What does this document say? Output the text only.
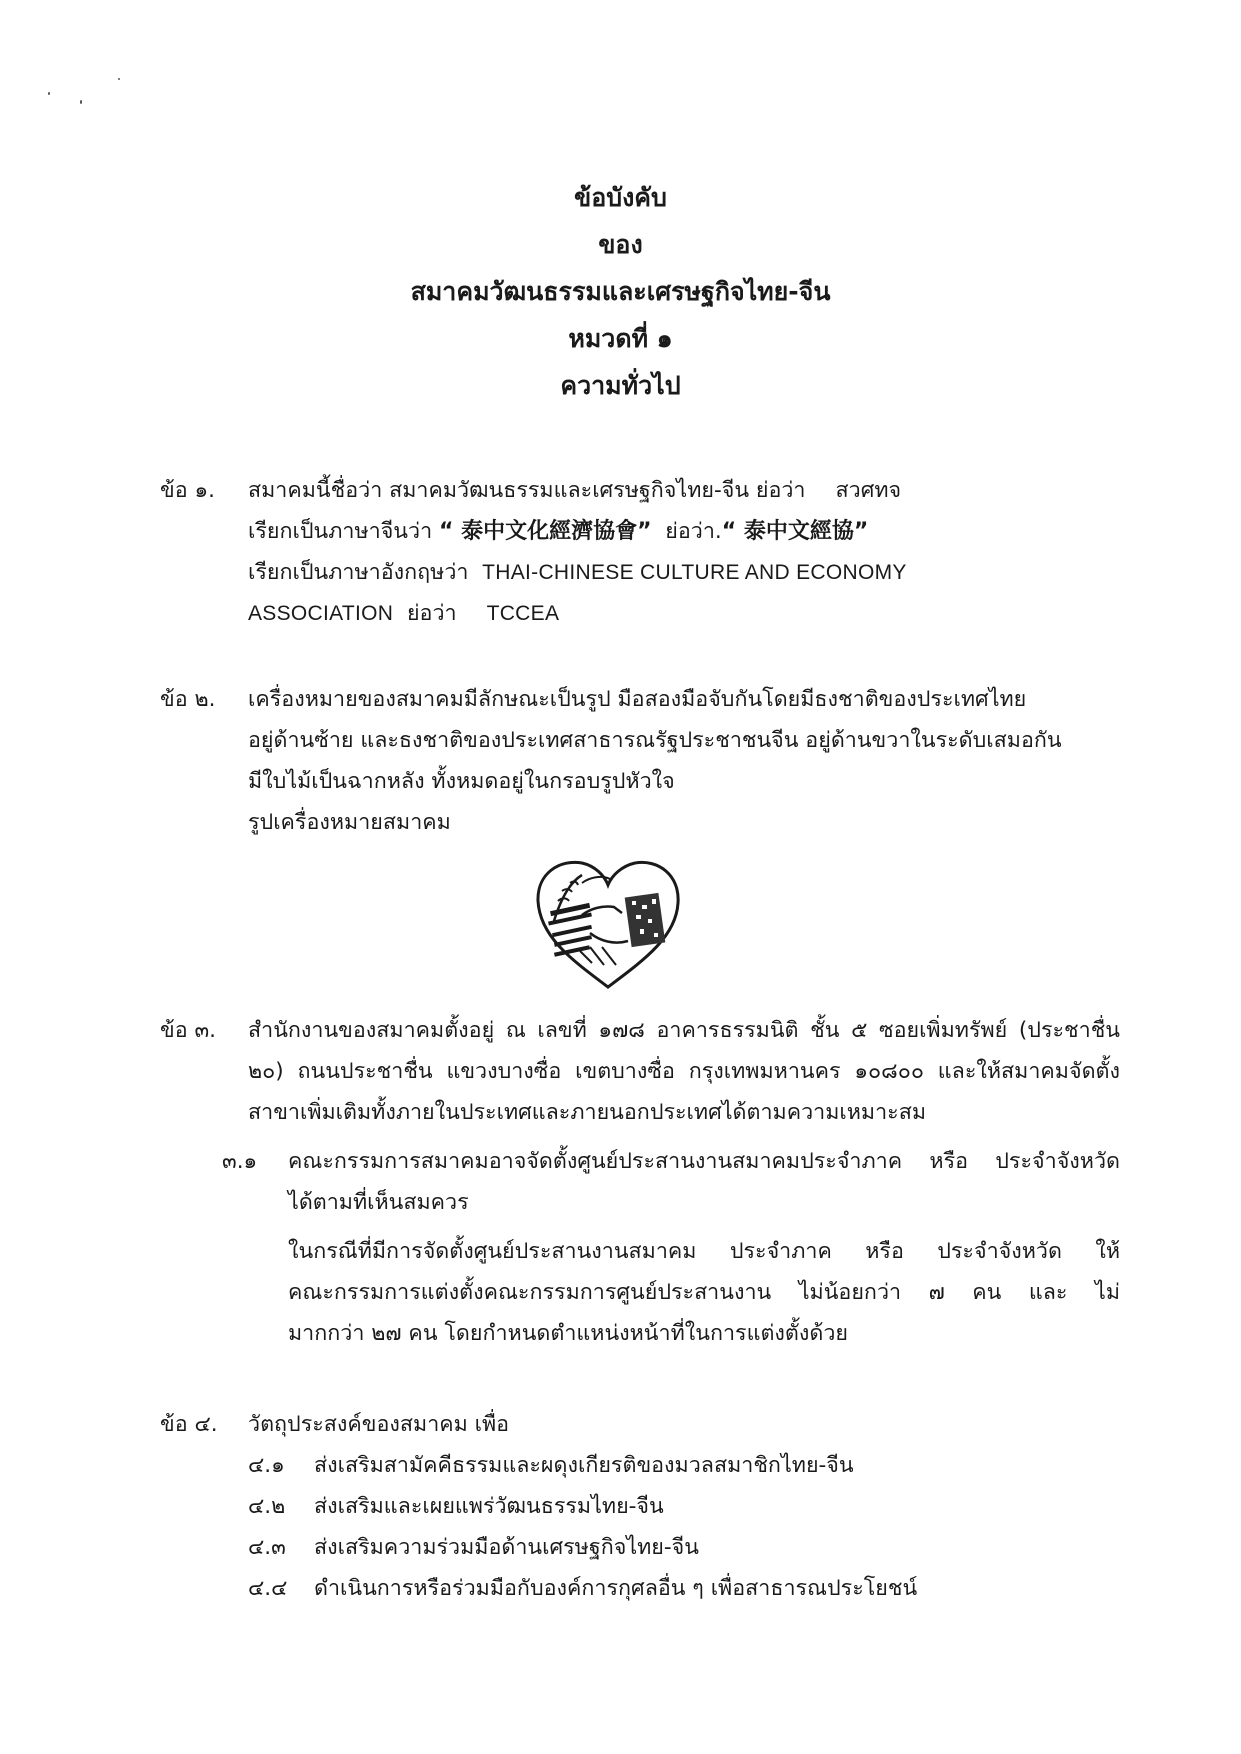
ข้อบังคับ
ของ
สมาคมวัฒนธรรมและเศรษฐกิจไทย-จีน
หมวดที่ ๑
ความทั่วไป
ข้อ ๑.	สมาคมนี้ชื่อว่า สมาคมวัฒนธรรมและเศรษฐกิจไทย-จีน ย่อว่า สวศทจ
เรียกเป็นภาษาจีนว่า “ 泰中文化經濟協會” ย่อว่า.“ 泰中文經協”
เรียกเป็นภาษาอังกฤษว่า THAI-CHINESE CULTURE AND ECONOMY
ASSOCIATION ย่อว่า TCCEA
ข้อ ๒.	เครื่องหมายของสมาคมมีลักษณะเป็นรูป มือสองมือจับกันโดยมีธงชาติของประเทศไทย
อยู่ด้านซ้าย และธงชาติของประเทศสาธารณรัฐประชาชนจีน อยู่ด้านขวาในระดับเสมอกัน
มีใบไม้เป็นฉากหลัง ทั้งหมดอยู่ในกรอบรูปหัวใจ
รูปเครื่องหมายสมาคม
ข้อ ๓.	สำนักงานของสมาคมตั้งอยู่ ณ เลขที่ ๑๗๘ อาคารธรรมนิติ ชั้น ๕ ซอยเพิ่มทรัพย์ (ประชาชื่น
๒๐) ถนนประชาชื่น แขวงบางซื่อ เขตบางซื่อ กรุงเทพมหานคร ๑๐๘๐๐ และให้สมาคมจัดตั้ง
สาขาเพิ่มเติมทั้งภายในประเทศและภายนอกประเทศได้ตามความเหมาะสม
๓.๑	คณะกรรมการสมาคมอาจจัดตั้งศูนย์ประสานงานสมาคมประจำภาค หรือ ประจำจังหวัด
ได้ตามที่เห็นสมควร
ในกรณีที่มีการจัดตั้งศูนย์ประสานงานสมาคม ประจำภาค หรือ ประจำจังหวัด ให้
คณะกรรมการแต่งตั้งคณะกรรมการศูนย์ประสานงาน ไม่น้อยกว่า ๗ คน และ ไม่
มากกว่า ๒๗ คน โดยกำหนดตำแหน่งหน้าที่ในการแต่งตั้งด้วย
ข้อ ๔.	วัตถุประสงค์ของสมาคม เพื่อ
๔.๑	ส่งเสริมสามัคคีธรรมและผดุงเกียรติของมวลสมาชิกไทย-จีน
๔.๒	ส่งเสริมและเผยแพร่วัฒนธรรมไทย-จีน
๔.๓	ส่งเสริมความร่วมมือด้านเศรษฐกิจไทย-จีน
๔.๔	ดำเนินการหรือร่วมมือกับองค์การกุศลอื่น ๆ เพื่อสาธารณประโยชน์
